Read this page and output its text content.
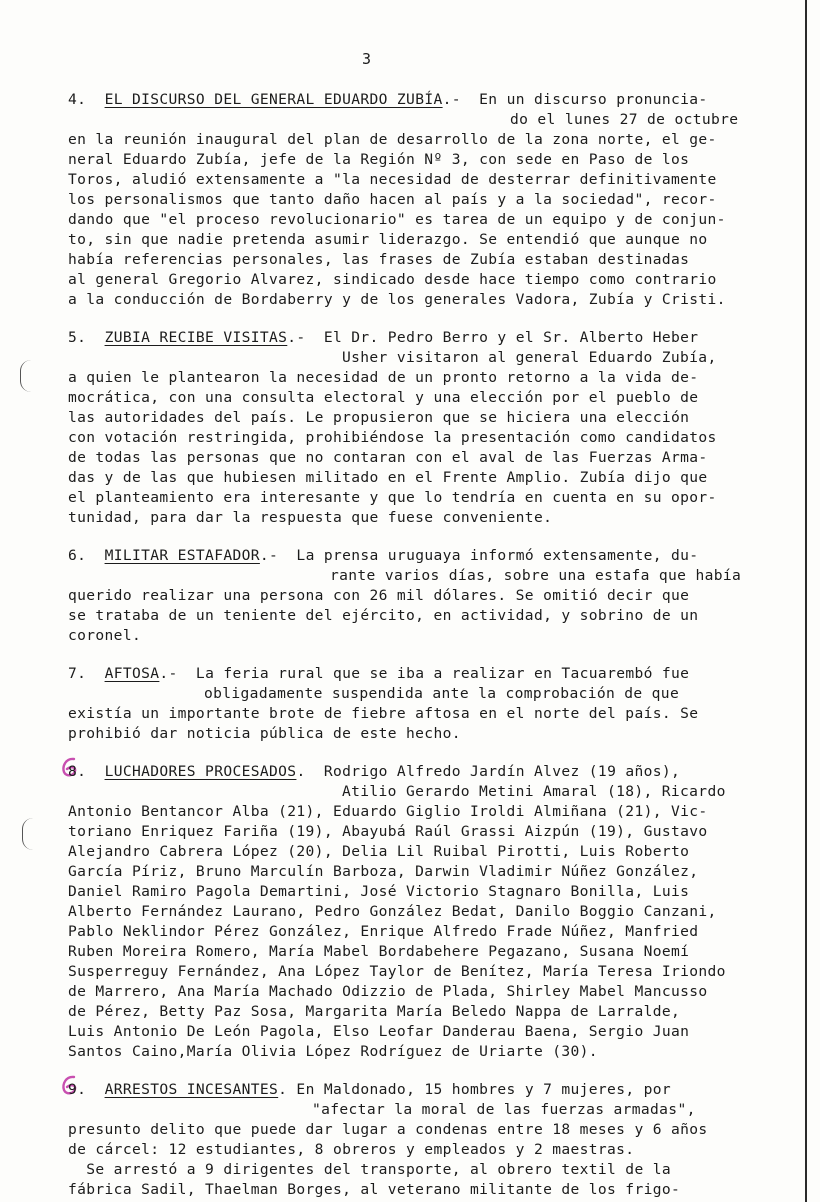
3
4. EL DISCURSO DEL GENERAL EDUARDO ZUBÍA.-  En un discurso pronuncia-
do el lunes 27 de octubre
en la reunión inaugural del plan de desarrollo de la zona norte, el ge-
neral Eduardo Zubía, jefe de la Región Nº 3, con sede en Paso de los
Toros, aludió extensamente a "la necesidad de desterrar definitivamente
los personalismos que tanto daño hacen al país y a la sociedad", recor-
dando que "el proceso revolucionario" es tarea de un equipo y de conjun-
to, sin que nadie pretenda asumir liderazgo. Se entendió que aunque no
había referencias personales, las frases de Zubía estaban destinadas
al general Gregorio Alvarez, sindicado desde hace tiempo como contrario
a la conducción de Bordaberry y de los generales Vadora, Zubía y Cristi.
5. ZUBIA RECIBE VISITAS.-  El Dr. Pedro Berro y el Sr. Alberto Heber
Usher visitaron al general Eduardo Zubía,
a quien le plantearon la necesidad de un pronto retorno a la vida de-
mocrática, con una consulta electoral y una elección por el pueblo de
las autoridades del país. Le propusieron que se hiciera una elección
con votación restringida, prohibiéndose la presentación como candidatos
de todas las personas que no contaran con el aval de las Fuerzas Arma-
das y de las que hubiesen militado en el Frente Amplio. Zubía dijo que
el planteamiento era interesante y que lo tendría en cuenta en su opor-
tunidad, para dar la respuesta que fuese conveniente.
6. MILITAR ESTAFADOR.-  La prensa uruguaya informó extensamente, du-
rante varios días, sobre una estafa que había
querido realizar una persona con 26 mil dólares. Se omitió decir que
se trataba de un teniente del ejército, en actividad, y sobrino de un
coronel.
7. AFTOSA.-  La feria rural que se iba a realizar en Tacuarembó fue
obligadamente suspendida ante la comprobación de que
existía un importante brote de fiebre aftosa en el norte del país. Se
prohibió dar noticia pública de este hecho.
8. LUCHADORES PROCESADOS.  Rodrigo Alfredo Jardín Alvez (19 años),
Atilio Gerardo Metini Amaral (18), Ricardo
Antonio Bentancor Alba (21), Eduardo Giglio Iroldi Almiñana (21), Vic-
toriano Enriquez Fariña (19), Abayubá Raúl Grassi Aizpún (19), Gustavo
Alejandro Cabrera López (20), Delia Lil Ruibal Pirotti, Luis Roberto
García Píriz, Bruno Marculín Barboza, Darwin Vladimir Núñez González,
Daniel Ramiro Pagola Demartini, José Victorio Stagnaro Bonilla, Luis
Alberto Fernández Laurano, Pedro González Bedat, Danilo Boggio Canzani,
Pablo Neklindor Pérez González, Enrique Alfredo Frade Núñez, Manfried
Ruben Moreira Romero, María Mabel Bordabehere Pegazano, Susana Noemí
Susperreguy Fernández, Ana López Taylor de Benítez, María Teresa Iriondo
de Marrero, Ana María Machado Odizzio de Plada, Shirley Mabel Mancusso
de Pérez, Betty Paz Sosa, Margarita María Beledo Nappa de Larralde,
Luis Antonio De León Pagola, Elso Leofar Danderau Baena, Sergio Juan
Santos Caino,María Olivia López Rodríguez de Uriarte (30).
9. ARRESTOS INCESANTES. En Maldonado, 15 hombres y 7 mujeres, por
"afectar la moral de las fuerzas armadas",
presunto delito que puede dar lugar a condenas entre 18 meses y 6 años
de cárcel: 12 estudiantes, 8 obreros y empleados y 2 maestras.
Se arrestó a 9 dirigentes del transporte, al obrero textil de la
fábrica Sadil, Thaelman Borges, al veterano militante de los frigo-
